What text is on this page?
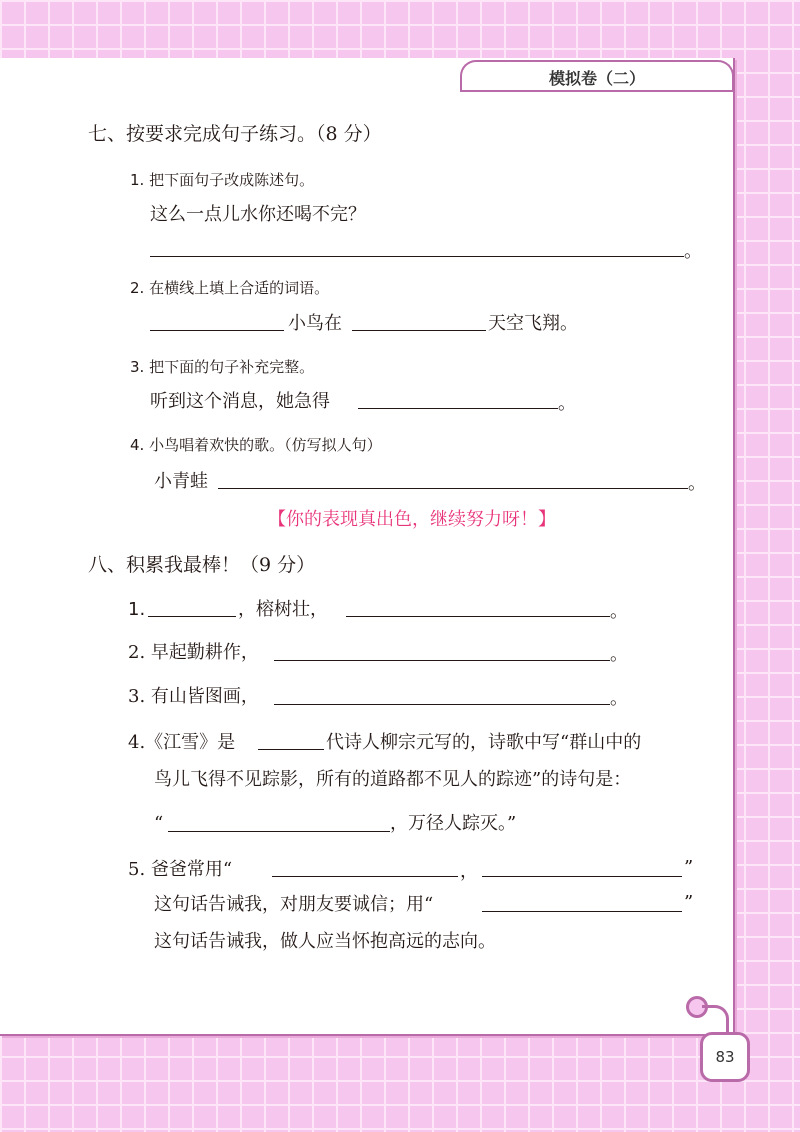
模拟卷（二）
七、按要求完成句子练习。（8 分）
1. 把下面句子改成陈述句。
这么一点儿水你还喝不完？
。
2. 在横线上填上合适的词语。
小鸟在	天空飞翔。
3. 把下面的句子补充完整。
听到这个消息，她急得	。
4. 小鸟唱着欢快的歌。（仿写拟人句）
小青蛙	。
【你的表现真出色，继续努力呀！】
八、积累我最棒！（9 分）
1.	，榕树壮，	。
2. 早起勤耕作，	。
3. 有山皆图画，	。
4.《江雪》是	代诗人柳宗元写的，诗歌中写“群山中的
鸟儿飞得不见踪影，所有的道路都不见人的踪迹”的诗句是：
“	，万径人踪灭。”
5. 爸爸常用“	，	”
这句话告诫我，对朋友要诚信；用“	”
这句话告诫我，做人应当怀抱高远的志向。
83
